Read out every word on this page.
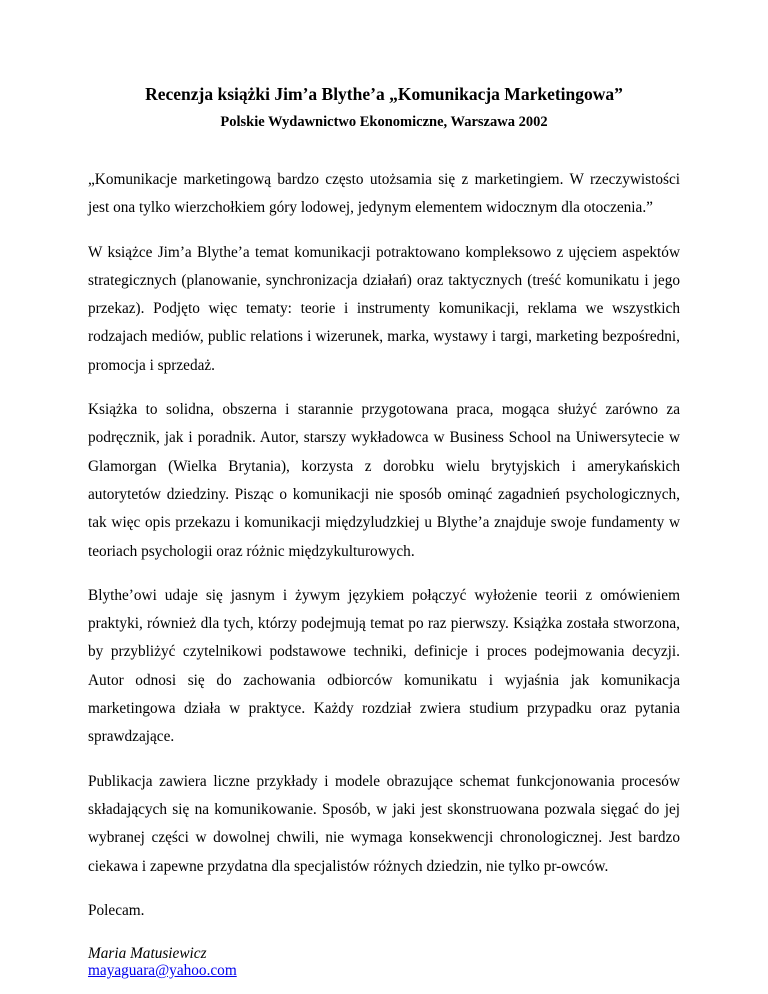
Recenzja książki Jim’a Blythe’a „Komunikacja Marketingowa”

Polskie Wydawnictwo Ekonomiczne, Warszawa 2002

„Komunikacje marketingową bardzo często utożsamia się z marketingiem. W rzeczywistości jest ona tylko wierzchołkiem góry lodowej, jedynym elementem widocznym dla otoczenia.”

W książce Jim’a Blythe’a temat komunikacji potraktowano kompleksowo z ujęciem aspektów strategicznych (planowanie, synchronizacja działań) oraz taktycznych (treść komunikatu i jego przekaz). Podjęto więc tematy: teorie i instrumenty komunikacji, reklama we wszystkich rodzajach mediów, public relations i wizerunek, marka, wystawy i targi, marketing bezpośredni, promocja i sprzedaż.

Książka to solidna, obszerna i starannie przygotowana praca, mogąca służyć zarówno za podręcznik, jak i poradnik. Autor, starszy wykładowca w Business School na Uniwersytecie w Glamorgan (Wielka Brytania), korzysta z dorobku wielu brytyjskich i amerykańskich autorytetów dziedziny. Pisząc o komunikacji nie sposób ominąć zagadnień psychologicznych, tak więc opis przekazu i komunikacji międzyludzkiej u Blythe’a znajduje swoje fundamenty w teoriach psychologii oraz różnic międzykulturowych.

Blythe’owi udaje się jasnym i żywym językiem połączyć wyłożenie teorii z omówieniem praktyki, również dla tych, którzy podejmują temat po raz pierwszy. Książka została stworzona, by przybliżyć czytelnikowi podstawowe techniki, definicje i proces podejmowania decyzji. Autor odnosi się do zachowania odbiorców komunikatu i wyjaśnia jak komunikacja marketingowa działa w praktyce. Każdy rozdział zwiera studium przypadku oraz pytania sprawdzające.

Publikacja zawiera liczne przykłady i modele obrazujące schemat funkcjonowania procesów składających się na komunikowanie. Sposób, w jaki jest skonstruowana pozwala sięgać do jej wybranej części w dowolnej chwili, nie wymaga konsekwencji chronologicznej. Jest bardzo ciekawa i zapewne przydatna dla specjalistów różnych dziedzin, nie tylko pr-owców.

Polecam.

Maria Matusiewicz
mayaguara@yahoo.com
